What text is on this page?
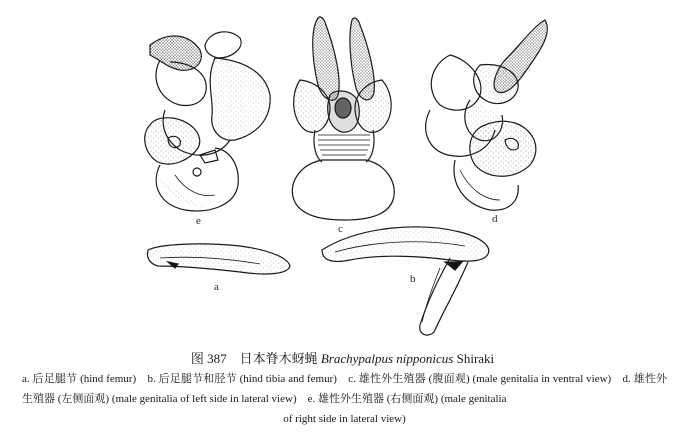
e
c
d
a
b
图 387 日本脊木蚜蝇 Brachypalpus nipponicus Shiraki
a. 后足腿节 (hind femur)　b. 后足腿节和胫节 (hind tibia and femur)　c. 雄性外生殖器 (腹面观) (male genitalia in ventral view)　d. 雄性外生殖器 (左侧面观) (male genitalia of left side in lateral view)　e. 雄性外生殖器 (右侧面观) (male genitalia
of right side in lateral view)
